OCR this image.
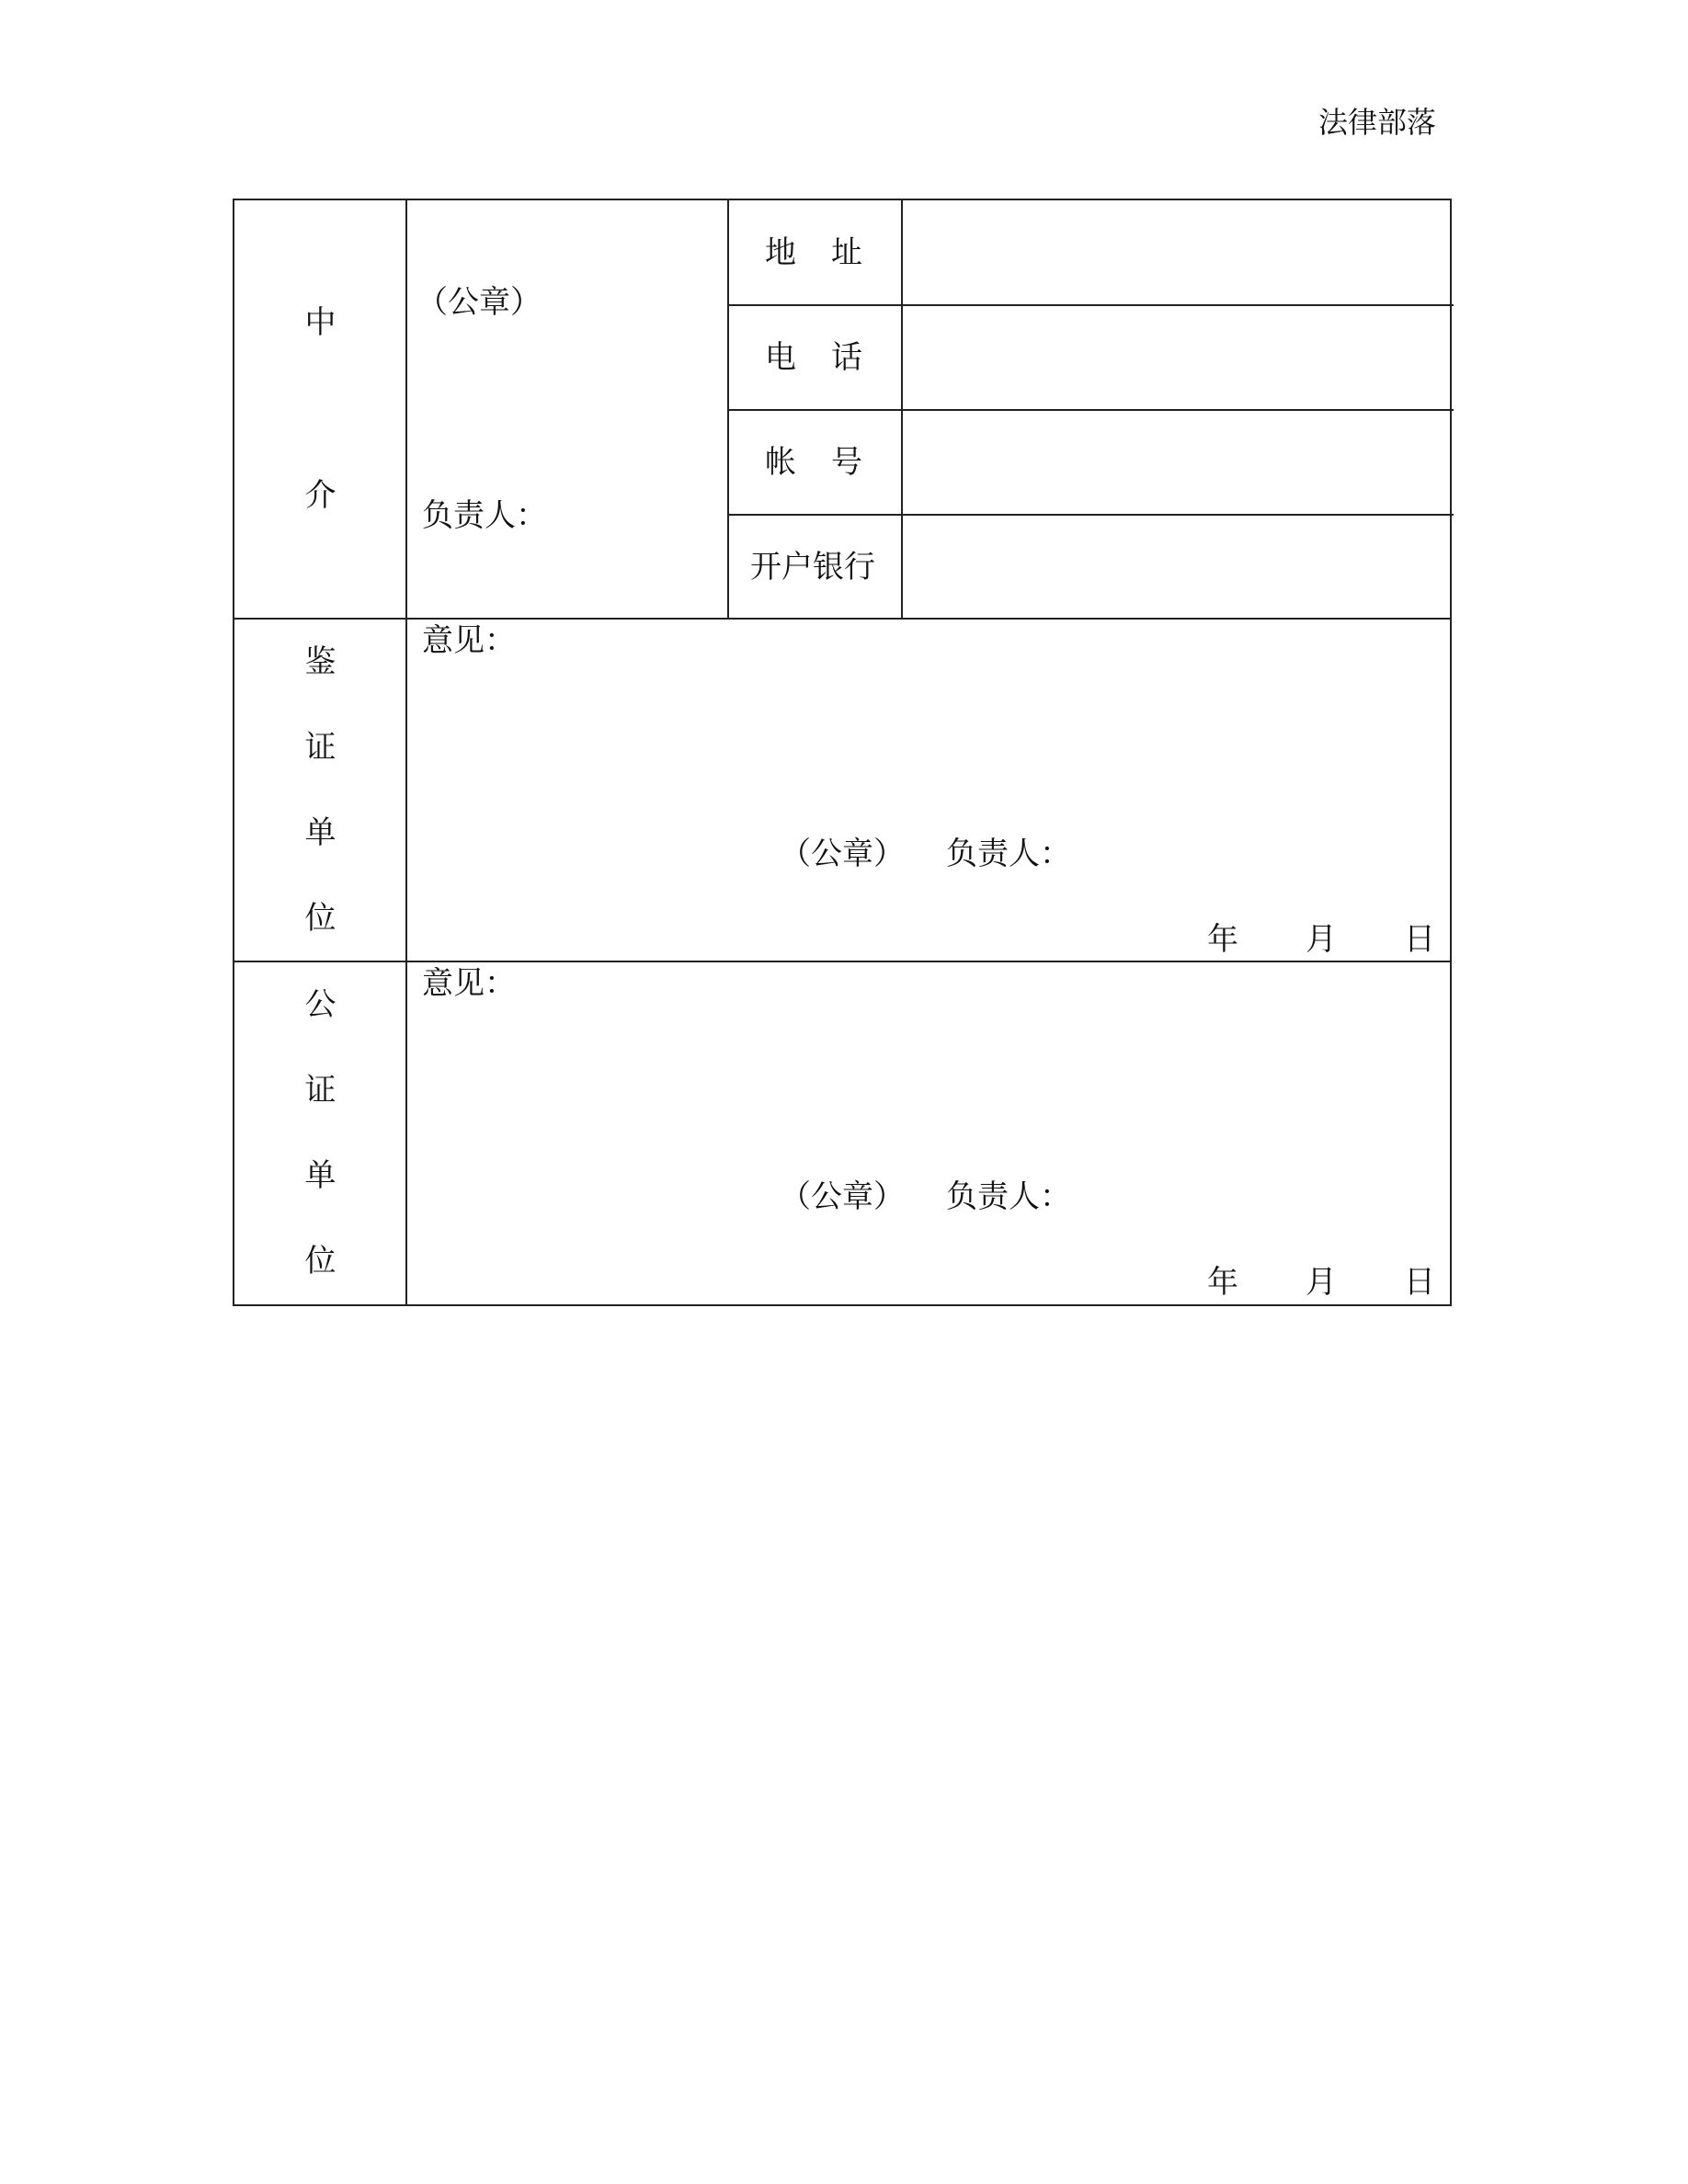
法律部落
中
介
（公章）
负责人：
地址
电话
帐号
开户银行
鉴
证
单
位
意见：
（公章） 负责人：
年 月 日
公
证
单
位
意见：
（公章） 负责人：
年 月 日
